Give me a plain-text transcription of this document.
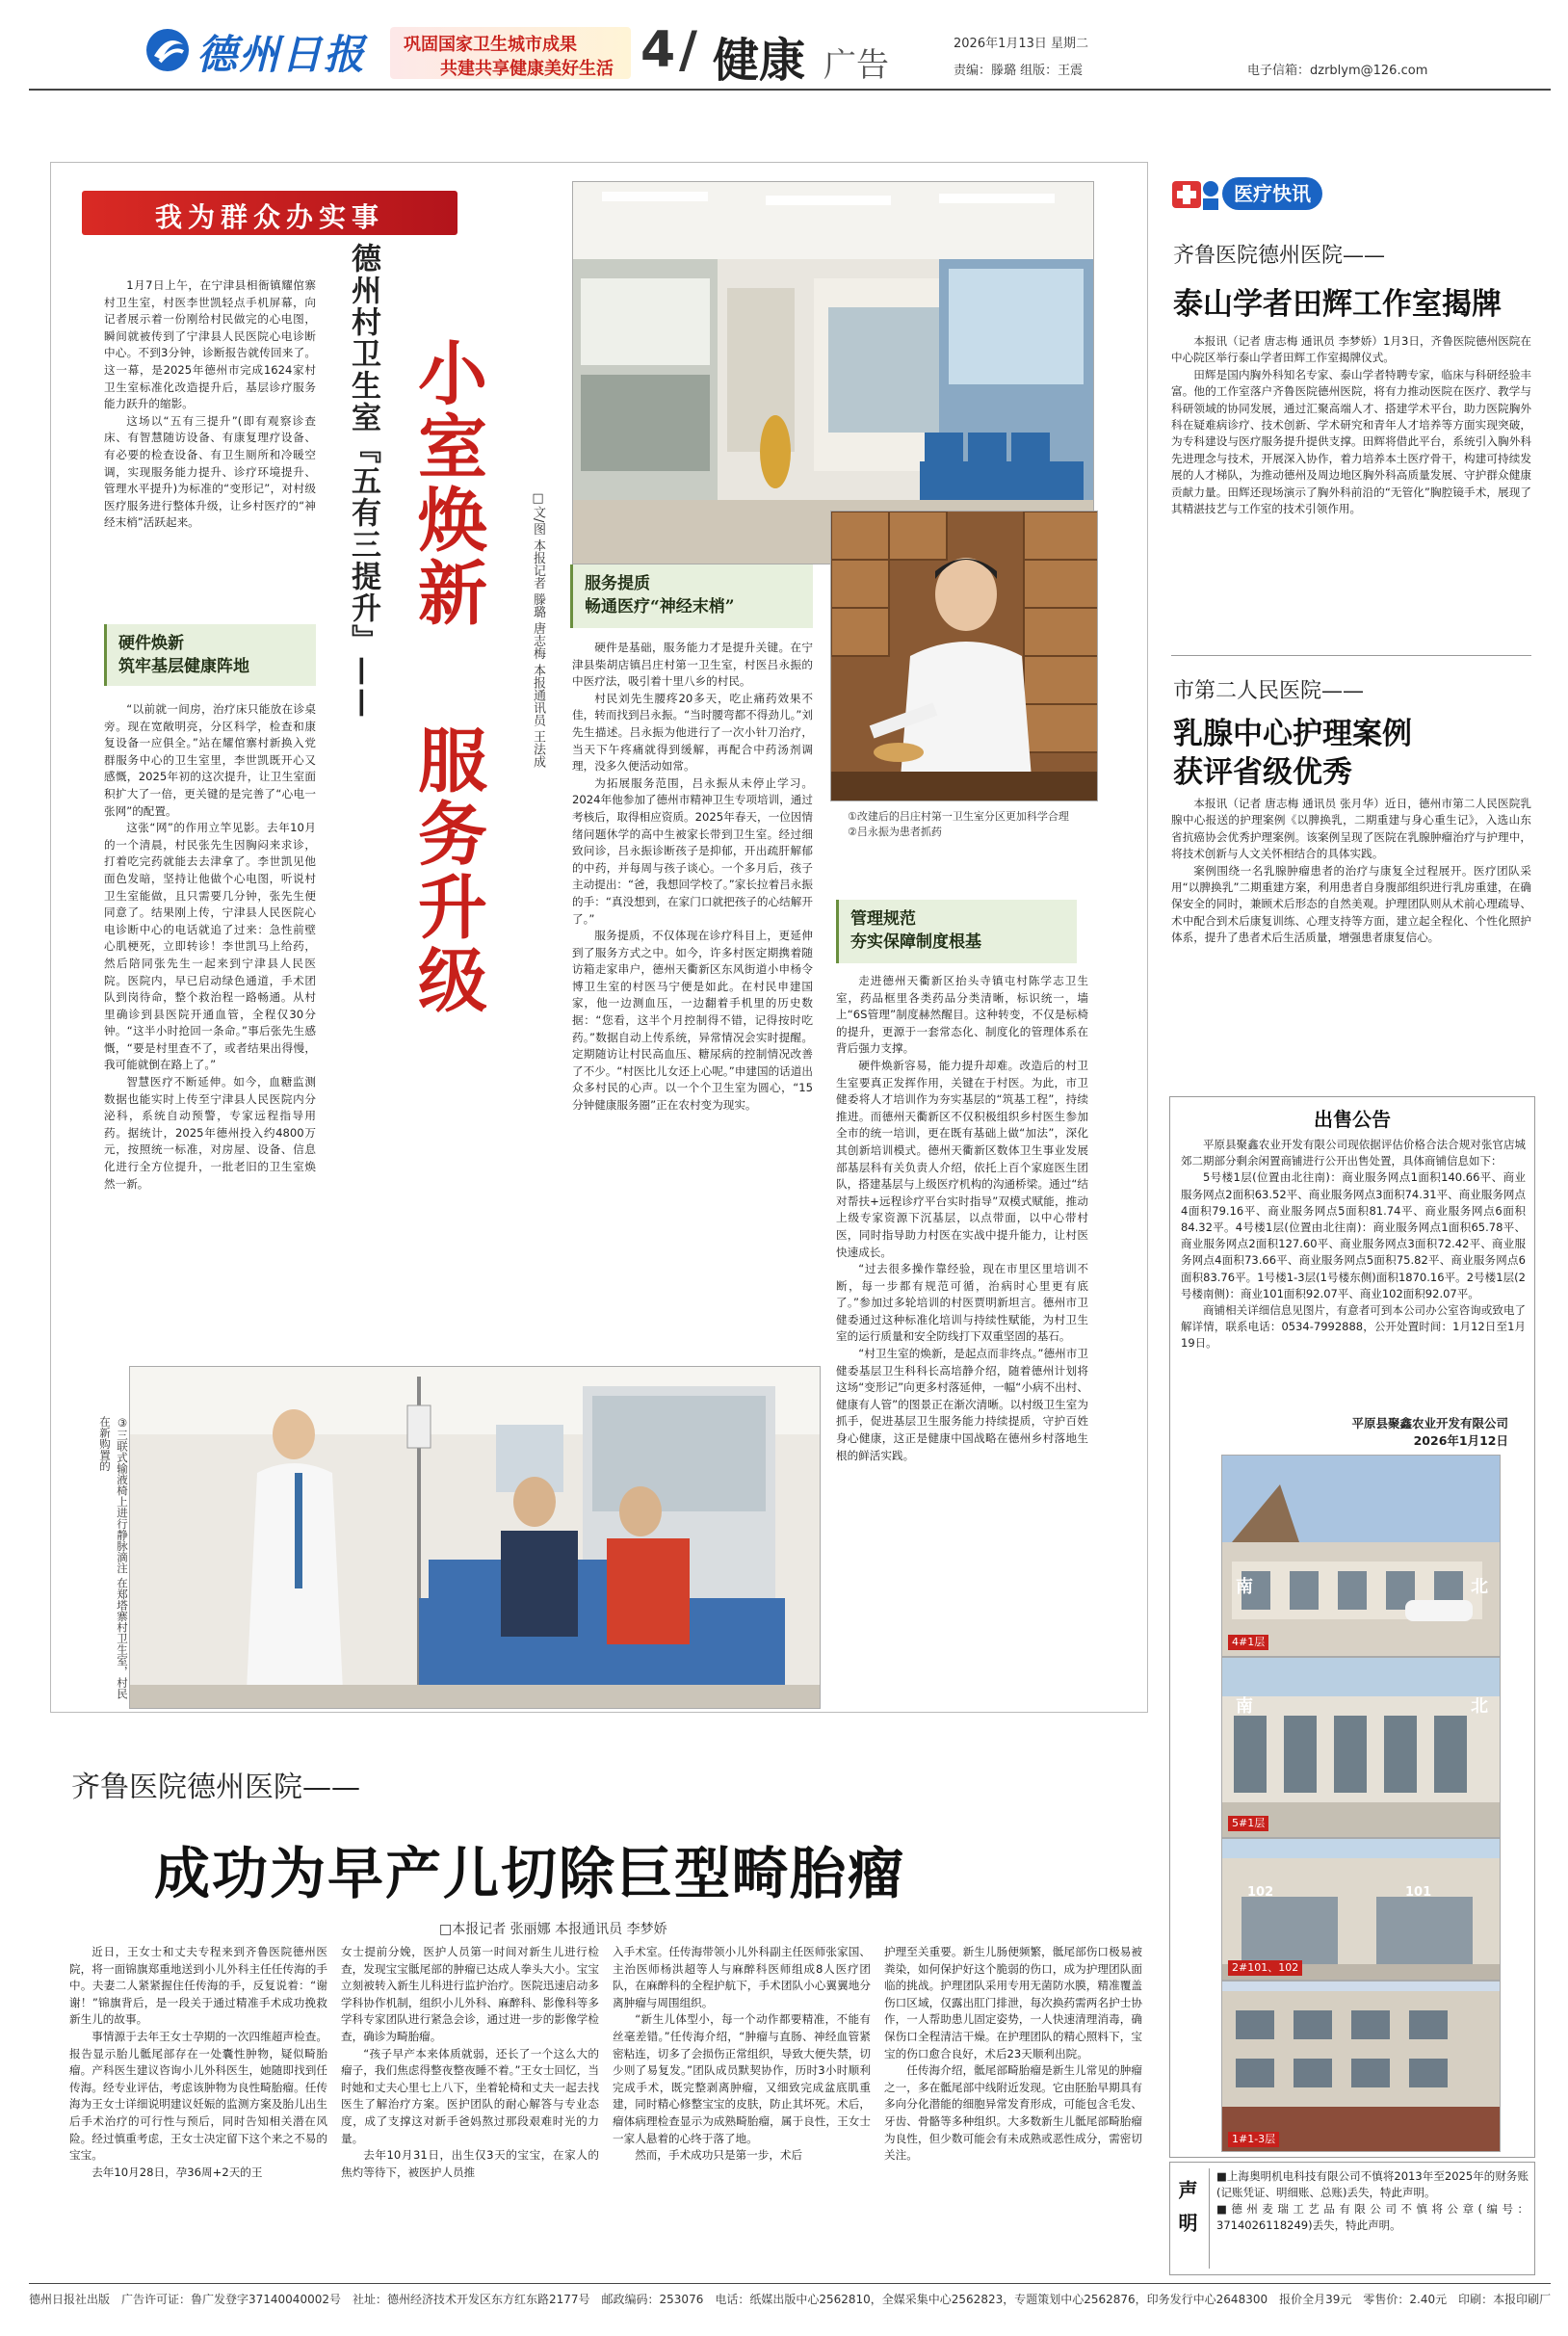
德州日报 巩固国家卫生城市成果
共建共享健康美好生活 4 / 健康 广告
2026年1月13日 星期二
责编：滕璐 组版：王震	电子信箱：dzrblym@126.com
我为群众办实事

1月7日上午，在宁津县相衙镇耀倌寨村卫生室，村医李世凯轻点手机屏幕，向记者展示着一份刚给村民做完的心电图，瞬间就被传到了宁津县人民医院心电诊断中心。不到3分钟，诊断报告就传回来了。这一幕，是2025年德州市完成1624家村卫生室标准化改造提升后，基层诊疗服务能力跃升的缩影。

这场以“五有三提升”(即有观察诊查床、有智慧随访设备、有康复理疗设备、有必要的检查设备、有卫生厕所和冷暖空调，实现服务能力提升、诊疗环境提升、管理水平提升)为标准的“变形记”，对村级医疗服务进行整体升级，让乡村医疗的“神经末梢”活跃起来。

硬件焕新
筑牢基层健康阵地

“以前就一间房，治疗床只能放在诊桌旁。现在宽敞明亮，分区科学，检查和康复设备一应俱全。”站在耀倌寨村新换入党群服务中心的卫生室里，李世凯既开心又感慨，2025年初的这次提升，让卫生室面积扩大了一倍，更关键的是完善了“心电一张网”的配置。

这张“网”的作用立竿见影。去年10月的一个清晨，村民张先生因胸闷来求诊，打着吃完药就能去去津拿了。李世凯见他面色发暗，坚持让他做个心电图，听说村卫生室能做，且只需要几分钟，张先生便同意了。结果刚上传，宁津县人民医院心电诊断中心的电话就追了过来：急性前壁心肌梗死，立即转诊！李世凯马上给药，然后陪同张先生一起来到宁津县人民医院。医院内，早已启动绿色通道，手术团队到岗待命，整个救治程一路畅通。从村里确诊到县医院开通血管，全程仅30分钟。“这半小时抢回一条命。”事后张先生感慨，“要是村里查不了，或者结果出得慢，我可能就倒在路上了。”

智慧医疗不断延伸。如今，血糖监测数据也能实时上传至宁津县人民医院内分泌科，系统自动预警，专家远程指导用药。据统计，2025年德州投入约4800万元，按照统一标准，对房屋、设备、信息化进行全方位提升，一批老旧的卫生室焕然一新。

德州村卫生室『五有三提升』—— 小室焕新
服务升级
□文/图 本报记者 滕璐 唐志梅 本报通讯员 王法成 服务提质
畅通医疗“神经末梢”

硬件是基础，服务能力才是提升关键。在宁津县柴胡店镇吕庄村第一卫生室，村医吕永振的中医疗法，吸引着十里八乡的村民。

村民刘先生腰疼20多天，吃止痛药效果不佳，转而找到吕永振。“当时腰弯都不得劲儿。”刘先生描述。吕永振为他进行了一次小针刀治疗，当天下午疼痛就得到缓解，再配合中药汤剂调理，没多久便活动如常。

为拓展服务范围，吕永振从未停止学习。2024年他参加了德州市精神卫生专项培训，通过考核后，取得相应资质。2025年春天，一位因情绪问题休学的高中生被家长带到卫生室。经过细致问诊，吕永振诊断孩子是抑郁，开出疏肝解郁的中药，并每周与孩子谈心。一个多月后，孩子主动提出：“爸，我想回学校了。”家长拉着吕永振的手：“真没想到，在家门口就把孩子的心结解开了。”

服务提质，不仅体现在诊疗科目上，更延伸到了服务方式之中。如今，许多村医定期携着随访箱走家串户，德州天衢新区东风街道小申杨令博卫生室的村医马宁便是如此。在村民申建国家，他一边测血压，一边翻着手机里的历史数据：“您看，这半个月控制得不错，记得按时吃药。”数据自动上传系统，异常情况会实时提醒。定期随访让村民高血压、糖尿病的控制情况改善了不少。“村医比儿女还上心呢。”申建国的话道出众多村民的心声。以一个个卫生室为圆心，“15分钟健康服务圈”正在农村变为现实。

①改建后的吕庄村第一卫生室分区更加科学合理
②吕永振为患者抓药
管理规范
夯实保障制度根基

走进德州天衢新区抬头寺镇屯村陈学志卫生室，药品框里各类药品分类清晰，标识统一，墙上“6S管理”制度赫然醒目。这种转变，不仅是标椅的提升，更源于一套常态化、制度化的管理体系在背后强力支撑。

硬件焕新容易，能力提升却难。改造后的村卫生室要真正发挥作用，关键在于村医。为此，市卫健委将人才培训作为夯实基层的“筑基工程”，持续推进。而德州天衢新区不仅积极组织乡村医生参加全市的统一培训，更在既有基础上做“加法”，深化其创新培训模式。德州天衢新区数体卫生事业发展部基层科有关负责人介绍，依托上百个家庭医生团队，搭建基层与上级医疗机构的沟通桥梁。通过“结对帮扶+远程诊疗平台实时指导”双模式赋能，推动上级专家资源下沉基层，以点带面，以中心带村医，同时指导助力村医在实战中提升能力，让村医快速成长。

“过去很多操作靠经验，现在市里区里培训不断，每一步都有规范可循，治病时心里更有底了。”参加过多轮培训的村医贾明新坦言。德州市卫健委通过这种标准化培训与持续性赋能，为村卫生室的运行质量和安全防线打下双重坚固的基石。

“村卫生室的焕新，是起点而非终点。”德州市卫健委基层卫生科科长高培静介绍，随着德州计划将这场“变形记”向更多村落延伸，一幅“小病不出村、健康有人管”的图景正在渐次清晰。以村级卫生室为抓手，促进基层卫生服务能力持续提质，守护百姓身心健康，这正是健康中国战略在德州乡村落地生根的鲜活实践。

③三联式输液椅上进行静脉滴注 在郑塔寨村卫生室，村民在新购置的
医疗快讯
齐鲁医院德州医院——
泰山学者田辉工作室揭牌

本报讯（记者 唐志梅 通讯员 李梦娇）1月3日，齐鲁医院德州医院在中心院区举行泰山学者田辉工作室揭牌仪式。

田辉是国内胸外科知名专家、泰山学者特聘专家，临床与科研经验丰富。他的工作室落户齐鲁医院德州医院，将有力推动医院在医疗、教学与科研领域的协同发展，通过汇聚高端人才、搭建学术平台，助力医院胸外科在疑难病诊疗、技术创新、学术研究和青年人才培养等方面实现突破，为专科建设与医疗服务提升提供支撑。田辉将借此平台，系统引入胸外科先进理念与技术，开展深入协作，着力培养本土医疗骨干，构建可持续发展的人才梯队，为推动德州及周边地区胸外科高质量发展、守护群众健康贡献力量。田辉还现场演示了胸外科前沿的“无管化”胸腔镜手术，展现了其精湛技艺与工作室的技术引领作用。

市第二人民医院——
乳腺中心护理案例
获评省级优秀

本报讯（记者 唐志梅 通讯员 张月华）近日，德州市第二人民医院乳腺中心报送的护理案例《以脾换乳，二期重建与身心重生记》，入选山东省抗癌协会优秀护理案例。该案例呈现了医院在乳腺肿瘤治疗与护理中，将技术创新与人文关怀相结合的具体实践。

案例围绕一名乳腺肿瘤患者的治疗与康复全过程展开。医疗团队采用“以脾换乳”二期重建方案，利用患者自身腹部组织进行乳房重建，在确保安全的同时，兼顾术后形态的自然美观。护理团队则从术前心理疏导、术中配合到术后康复训练、心理支持等方面，建立起全程化、个性化照护体系，提升了患者术后生活质量，增强患者康复信心。

出售公告

平原县聚鑫农业开发有限公司现依据评估价格合法合规对张官店城郊二期部分剩余闲置商铺进行公开出售处置，具体商铺信息如下：

5号楼1层(位置由北往南)：商业服务网点1面积140.66平、商业服务网点2面积63.52平、商业服务网点3面积74.31平、商业服务网点4面积79.16平、商业服务网点5面积81.74平、商业服务网点6面积84.32平。4号楼1层(位置由北往南)：商业服务网点1面积65.78平、商业服务网点2面积127.60平、商业服务网点3面积72.42平、商业服务网点4面积73.66平、商业服务网点5面积75.82平、商业服务网点6面积83.76平。1号楼1-3层(1号楼东侧)面积1870.16平。2号楼1层(2号楼南侧)：商业101面积92.07平、商业102面积92.07平。

商铺相关详细信息见图片，有意者可到本公司办公室咨询或致电了解详情，联系电话：0534-7992888，公开处置时间：1月12日至1月19日。

平原县聚鑫农业开发有限公司
2026年1月12日
南	北
4#1层
南	北
5#1层
102	101
2#101、102
1#1-3层
齐鲁医院德州医院——
成功为早产儿切除巨型畸胎瘤
□本报记者 张丽娜 本报通讯员 李梦娇

近日，王女士和丈夫专程来到齐鲁医院德州医院，将一面锦旗郑重地送到小儿外科主任任传海的手中。夫妻二人紧紧握住任传海的手，反复说着：“谢谢！”锦旗背后，是一段关于通过精准手术成功挽救新生儿的故事。

事情源于去年王女士孕期的一次四维超声检查。报告显示胎儿骶尾部存在一处囊性肿物，疑似畸胎瘤。产科医生建议咨询小儿外科医生，她随即找到任传海。经专业评估，考虑该肿物为良性畸胎瘤。任传海为王女士详细说明建议妊娠的监测方案及胎儿出生后手术治疗的可行性与预后，同时告知相关潜在风险。经过慎重考虑，王女士决定留下这个来之不易的宝宝。

去年10月28日，孕36周+2天的王

女士提前分娩，医护人员第一时间对新生儿进行检查，发现宝宝骶尾部的肿瘤已达成人拳头大小。宝宝立刻被转入新生儿科进行监护治疗。医院迅速启动多学科协作机制，组织小儿外科、麻醉科、影像科等多学科专家团队进行紧急会诊，通过进一步的影像学检查，确诊为畸胎瘤。

“孩子早产本来体质就弱，还长了一个这么大的瘤子，我们焦虑得整夜整夜睡不着。”王女士回忆，当时她和丈夫心里七上八下，坐着轮椅和丈夫一起去找医生了解治疗方案。医护团队的耐心解答与专业态度，成了支撑这对新手爸妈熬过那段艰难时光的力量。

去年10月31日，出生仅3天的宝宝，在家人的焦灼等待下，被医护人员推

入手术室。任传海带领小儿外科副主任医师张家国、主治医师杨洪超等人与麻醉科医师组成8人医疗团队，在麻醉科的全程护航下，手术团队小心翼翼地分离肿瘤与周围组织。

“新生儿体型小，每一个动作都要精准，不能有丝毫差错。”任传海介绍，“肿瘤与直肠、神经血管紧密粘连，切多了会损伤正常组织，导致大便失禁，切少则了易复发。”团队成员默契协作，历时3小时顺利完成手术，既完整剥离肿瘤，又细致完成盆底肌重建，同时精心修整宝宝的皮肤，防止其坏死。术后，瘤体病理检查显示为成熟畸胎瘤，属于良性，王女士一家人悬着的心终于落了地。

然而，手术成功只是第一步，术后

护理至关重要。新生儿肠便频繁，骶尾部伤口极易被粪染，如何保护好这个脆弱的伤口，成为护理团队面临的挑战。护理团队采用专用无菌防水膜，精准覆盖伤口区域，仅露出肛门排泄，每次换药需两名护士协作，一人帮助患儿固定姿势，一人快速清理消毒，确保伤口全程清洁干燥。在护理团队的精心照料下，宝宝的伤口愈合良好，术后23天顺利出院。

任传海介绍，骶尾部畸胎瘤是新生儿常见的肿瘤之一，多在骶尾部中线附近发现。它由胚胎早期具有多向分化潜能的细胞异常发育形成，可能包含毛发、牙齿、骨骼等多种组织。大多数新生儿骶尾部畸胎瘤为良性，但少数可能会有未成熟或恶性成分，需密切关注。

声明
■上海奥明机电科技有限公司不慎将2013年至2025年的财务账(记账凭证、明细账、总账)丢失，特此声明。
■德州麦瑞工艺品有限公司不慎将公章(编号：3714026118249)丢失，特此声明。
德州日报社出版　广告许可证：鲁广发登字37140040002号　社址：德州经济技术开发区东方红东路2177号　邮政编码：253076　电话：纸媒出版中心2562810，全媒采集中心2562823，专题策划中心2562876，印务发行中心2648300　报价全月39元　零售价：2.40元　印刷：本报印刷厂
